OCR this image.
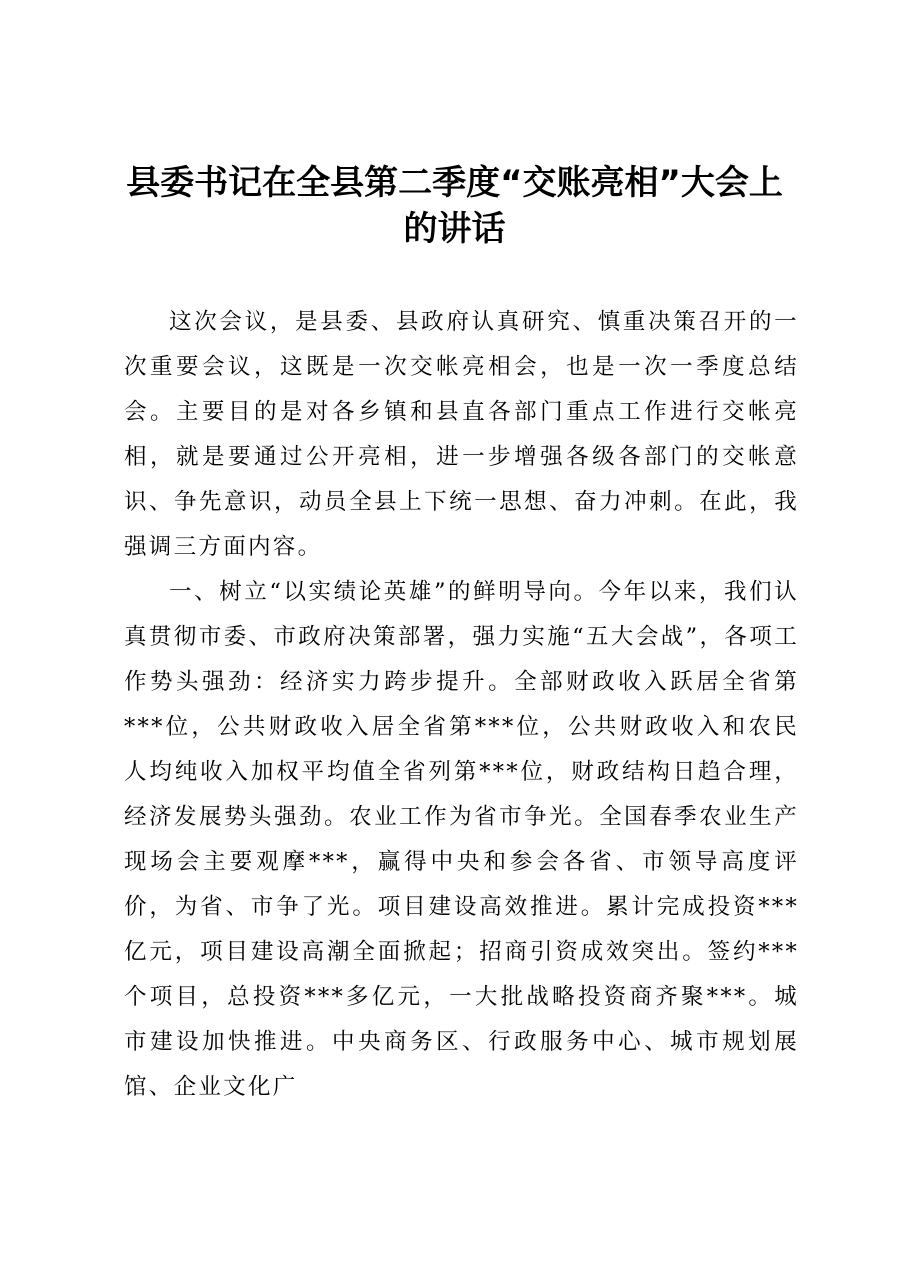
县委书记在全县第二季度“交账亮相”大会上
的讲话

这次会议，是县委、县政府认真研究、慎重决策召开的一次重要会议，这既是一次交帐亮相会，也是一次一季度总结会。主要目的是对各乡镇和县直各部门重点工作进行交帐亮相，就是要通过公开亮相，进一步增强各级各部门的交帐意识、争先意识，动员全县上下统一思想、奋力冲刺。在此，我强调三方面内容。

一、树立“以实绩论英雄”的鲜明导向。今年以来，我们认真贯彻市委、市政府决策部署，强力实施“五大会战”，各项工作势头强劲：经济实力跨步提升。全部财政收入跃居全省第***位，公共财政收入居全省第***位，公共财政收入和农民人均纯收入加权平均值全省列第***位，财政结构日趋合理，经济发展势头强劲。农业工作为省市争光。全国春季农业生产现场会主要观摩***，赢得中央和参会各省、市领导高度评价，为省、市争了光。项目建设高效推进。累计完成投资***亿元，项目建设高潮全面掀起；招商引资成效突出。签约***个项目，总投资***多亿元，一大批战略投资商齐聚***。城市建设加快推进。中央商务区、行政服务中心、城市规划展馆、企业文化广
